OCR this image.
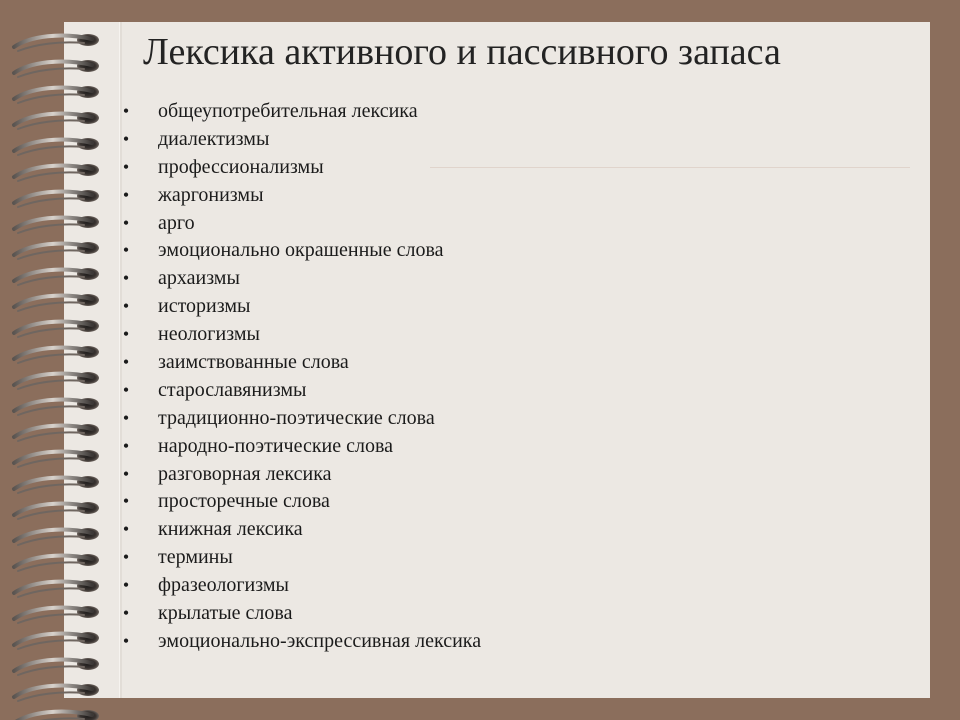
Лексика активного и пассивного запаса
• общеупотребительная лексика
• диалектизмы
• профессионализмы
• жаргонизмы
• арго
• эмоционально окрашенные слова
• архаизмы
• историзмы
• неологизмы
• заимствованные слова
• старославянизмы
• традиционно-поэтические слова
• народно-поэтические слова
• разговорная лексика
• просторечные слова
• книжная лексика
• термины
• фразеологизмы
• крылатые слова
• эмоционально-экспрессивная лексика
